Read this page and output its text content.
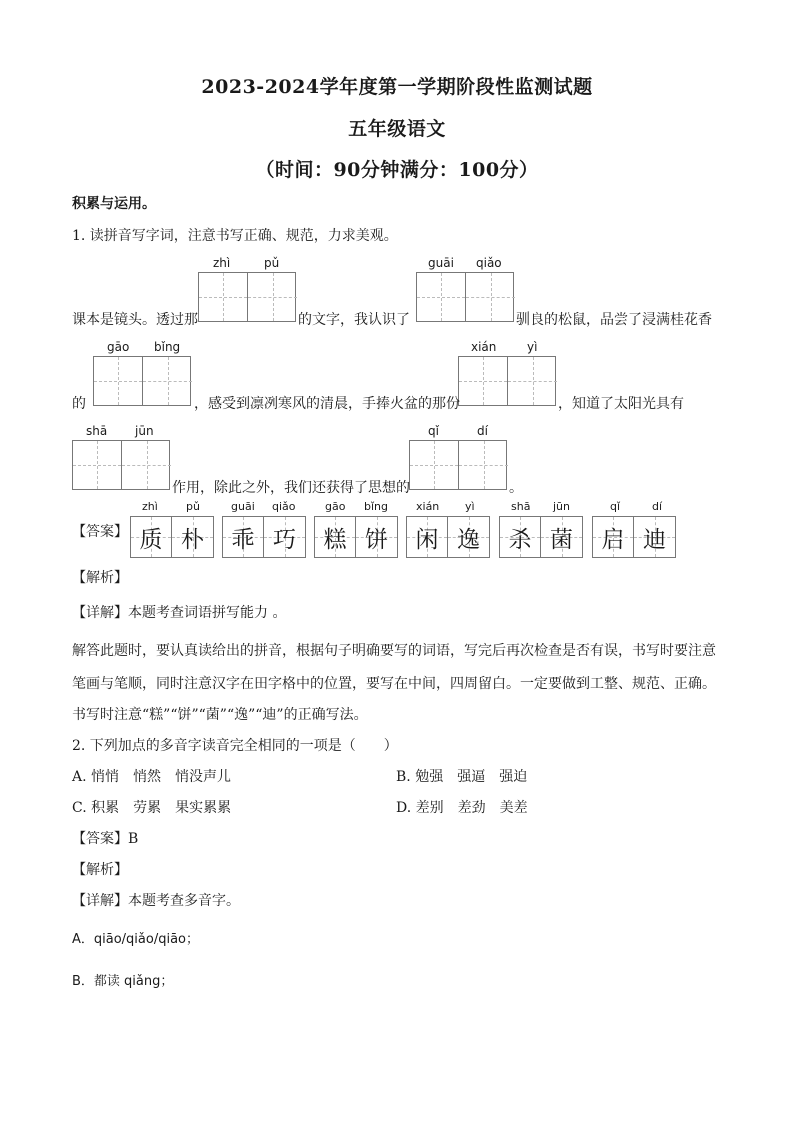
2023-2024学年度第一学期阶段性监测试题
五年级语文
（时间：90分钟满分：100分）
积累与运用。
1. 读拼音写字词，注意书写正确、规范，力求美观。
zhì	pǔ	guāi qiǎo
课本是镜头。透过那	的文字，我认识了	驯良的松鼠，品尝了浸满桂花香
gāo bǐng	xián	yì
的	，感受到凛冽寒风的清晨，手捧火盆的那份	，知道了太阳光具有
shā jūn	qǐ	dí
作用，除此之外，我们还获得了思想的	。
【答案】
zhì	pǔ
质 朴
guāi qiǎo
乖 巧
gāo bǐng
糕 饼
xián yì
闲 逸
shā jūn
杀 菌
qǐ	dí
启 迪
【解析】
【详解】本题考查词语拼写能力 。
解答此题时，要认真读给出的拼音，根据句子明确要写的词语，写完后再次检查是否有误，书写时要注意
笔画与笔顺，同时注意汉字在田字格中的位置，要写在中间，四周留白。一定要做到工整、规范、正确。
书写时注意“糕”“饼”“菌”“逸”“迪”的正确写法。
2. 下列加点的多音字读音完全相同的一项是（　　）
A. 悄悄　悄然　悄没声儿	B. 勉强　强逼　强迫
C. 积累　劳累　果实累累	D. 差别　差劲　美差
【答案】B
【解析】
【详解】本题考查多音字。
A．qiāo/qiǎo/qiāo；
B．都读 qiǎng；
